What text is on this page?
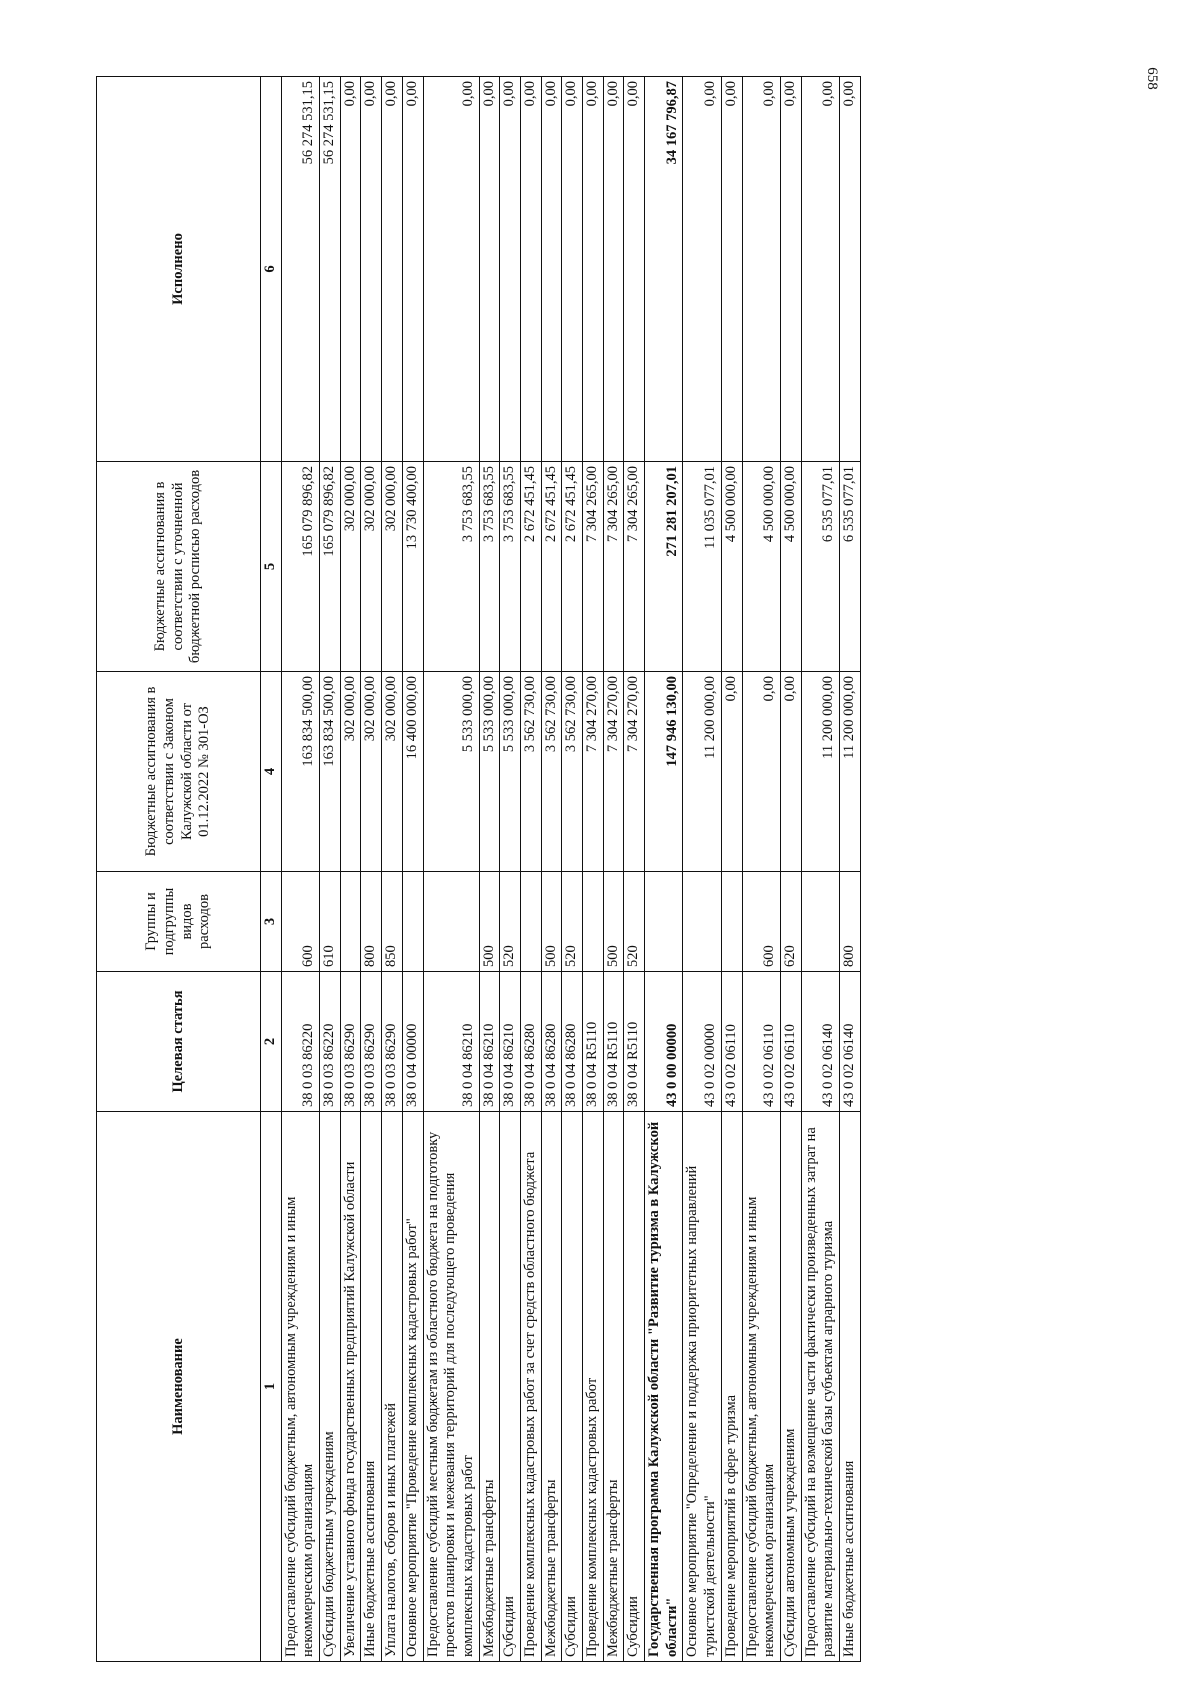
658
Наименование	Целевая статья	Группы и подгруппы видов расходов	Бюджетные ассигнования в соответствии с Законом Калужской области от 01.12.2022 № 301-ОЗ	Бюджетные ассигнования в соответствии с уточненной бюджетной росписью расходов	Исполнено
1	2	3	4	5	6
Предоставление субсидий бюджетным, автономным учреждениям и иным некоммерческим организациям	38 0 03 86220	600	163 834 500,00	165 079 896,82	56 274 531,15
Субсидии бюджетным учреждениям	38 0 03 86220	610	163 834 500,00	165 079 896,82	56 274 531,15
Увеличение уставного фонда государственных предприятий Калужской области	38 0 03 86290		302 000,00	302 000,00	0,00
Иные бюджетные ассигнования	38 0 03 86290	800	302 000,00	302 000,00	0,00
Уплата налогов, сборов и иных платежей	38 0 03 86290	850	302 000,00	302 000,00	0,00
Основное мероприятие "Проведение комплексных кадастровых работ"	38 0 04 00000		16 400 000,00	13 730 400,00	0,00
Предоставление субсидий местным бюджетам из областного бюджета на подготовку проектов планировки и межевания территорий для последующего проведения комплексных кадастровых работ	38 0 04 86210		5 533 000,00	3 753 683,55	0,00
Межбюджетные трансферты	38 0 04 86210	500	5 533 000,00	3 753 683,55	0,00
Субсидии	38 0 04 86210	520	5 533 000,00	3 753 683,55	0,00
Проведение комплексных кадастровых работ за счет средств областного бюджета	38 0 04 86280		3 562 730,00	2 672 451,45	0,00
Межбюджетные трансферты	38 0 04 86280	500	3 562 730,00	2 672 451,45	0,00
Субсидии	38 0 04 86280	520	3 562 730,00	2 672 451,45	0,00
Проведение комплексных кадастровых работ	38 0 04 R5110		7 304 270,00	7 304 265,00	0,00
Межбюджетные трансферты	38 0 04 R5110	500	7 304 270,00	7 304 265,00	0,00
Субсидии	38 0 04 R5110	520	7 304 270,00	7 304 265,00	0,00
Государственная программа Калужской области "Развитие туризма в Калужской области"	43 0 00 00000		147 946 130,00	271 281 207,01	34 167 796,87
Основное мероприятие "Определение и поддержка приоритетных направлений туристской деятельности"	43 0 02 00000		11 200 000,00	11 035 077,01	0,00
Проведение мероприятий в сфере туризма	43 0 02 06110		0,00	4 500 000,00	0,00
Предоставление субсидий бюджетным, автономным учреждениям и иным некоммерческим организациям	43 0 02 06110	600	0,00	4 500 000,00	0,00
Субсидии автономным учреждениям	43 0 02 06110	620	0,00	4 500 000,00	0,00
Предоставление субсидий на возмещение части фактически произведенных затрат на развитие материально-технической базы субъектам аграрного туризма	43 0 02 06140		11 200 000,00	6 535 077,01	0,00
Иные бюджетные ассигнования	43 0 02 06140	800	11 200 000,00	6 535 077,01	0,00
